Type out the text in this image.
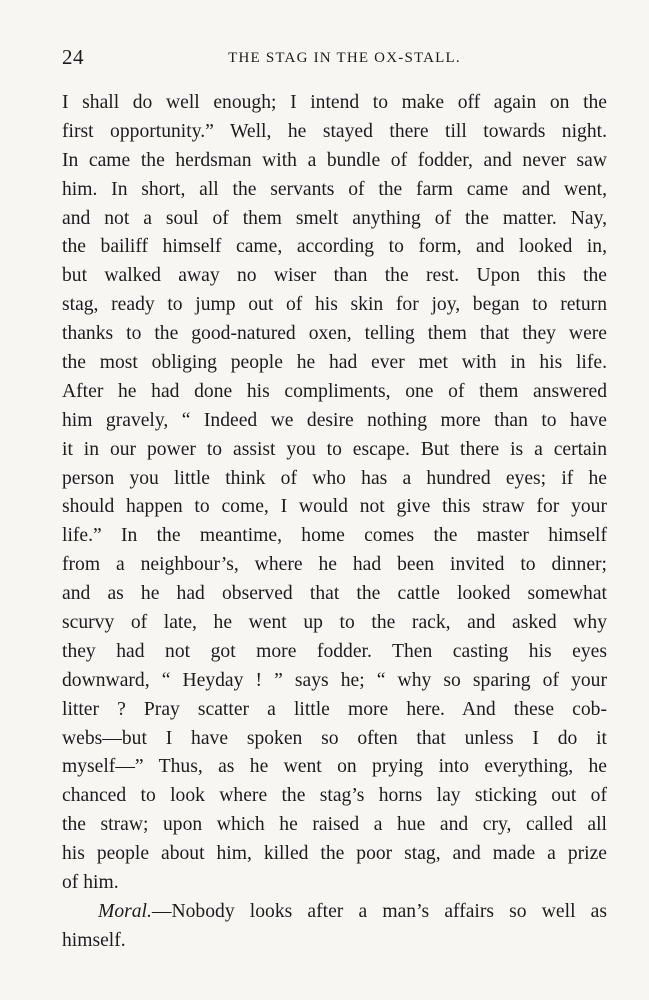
24	THE STAG IN THE OX-STALL.
I shall do well enough; I intend to make off again on the
first opportunity.” Well, he stayed there till towards night.
In came the herdsman with a bundle of fodder, and never saw
him. In short, all the servants of the farm came and went,
and not a soul of them smelt anything of the matter. Nay,
the bailiff himself came, according to form, and looked in,
but walked away no wiser than the rest. Upon this the
stag, ready to jump out of his skin for joy, began to return
thanks to the good-natured oxen, telling them that they were
the most obliging people he had ever met with in his life.
After he had done his compliments, one of them answered
him gravely, “ Indeed we desire nothing more than to have
it in our power to assist you to escape. But there is a certain
person you little think of who has a hundred eyes; if he
should happen to come, I would not give this straw for your
life.” In the meantime, home comes the master himself
from a neighbour’s, where he had been invited to dinner;
and as he had observed that the cattle looked somewhat
scurvy of late, he went up to the rack, and asked why
they had not got more fodder. Then casting his eyes
downward, “ Heyday ! ” says he; “ why so sparing of your
litter ? Pray scatter a little more here. And these cob-
webs—but I have spoken so often that unless I do it
myself—” Thus, as he went on prying into everything, he
chanced to look where the stag’s horns lay sticking out of
the straw; upon which he raised a hue and cry, called all
his people about him, killed the poor stag, and made a prize
of him.
Moral.—Nobody looks after a man’s affairs so well as
himself.
